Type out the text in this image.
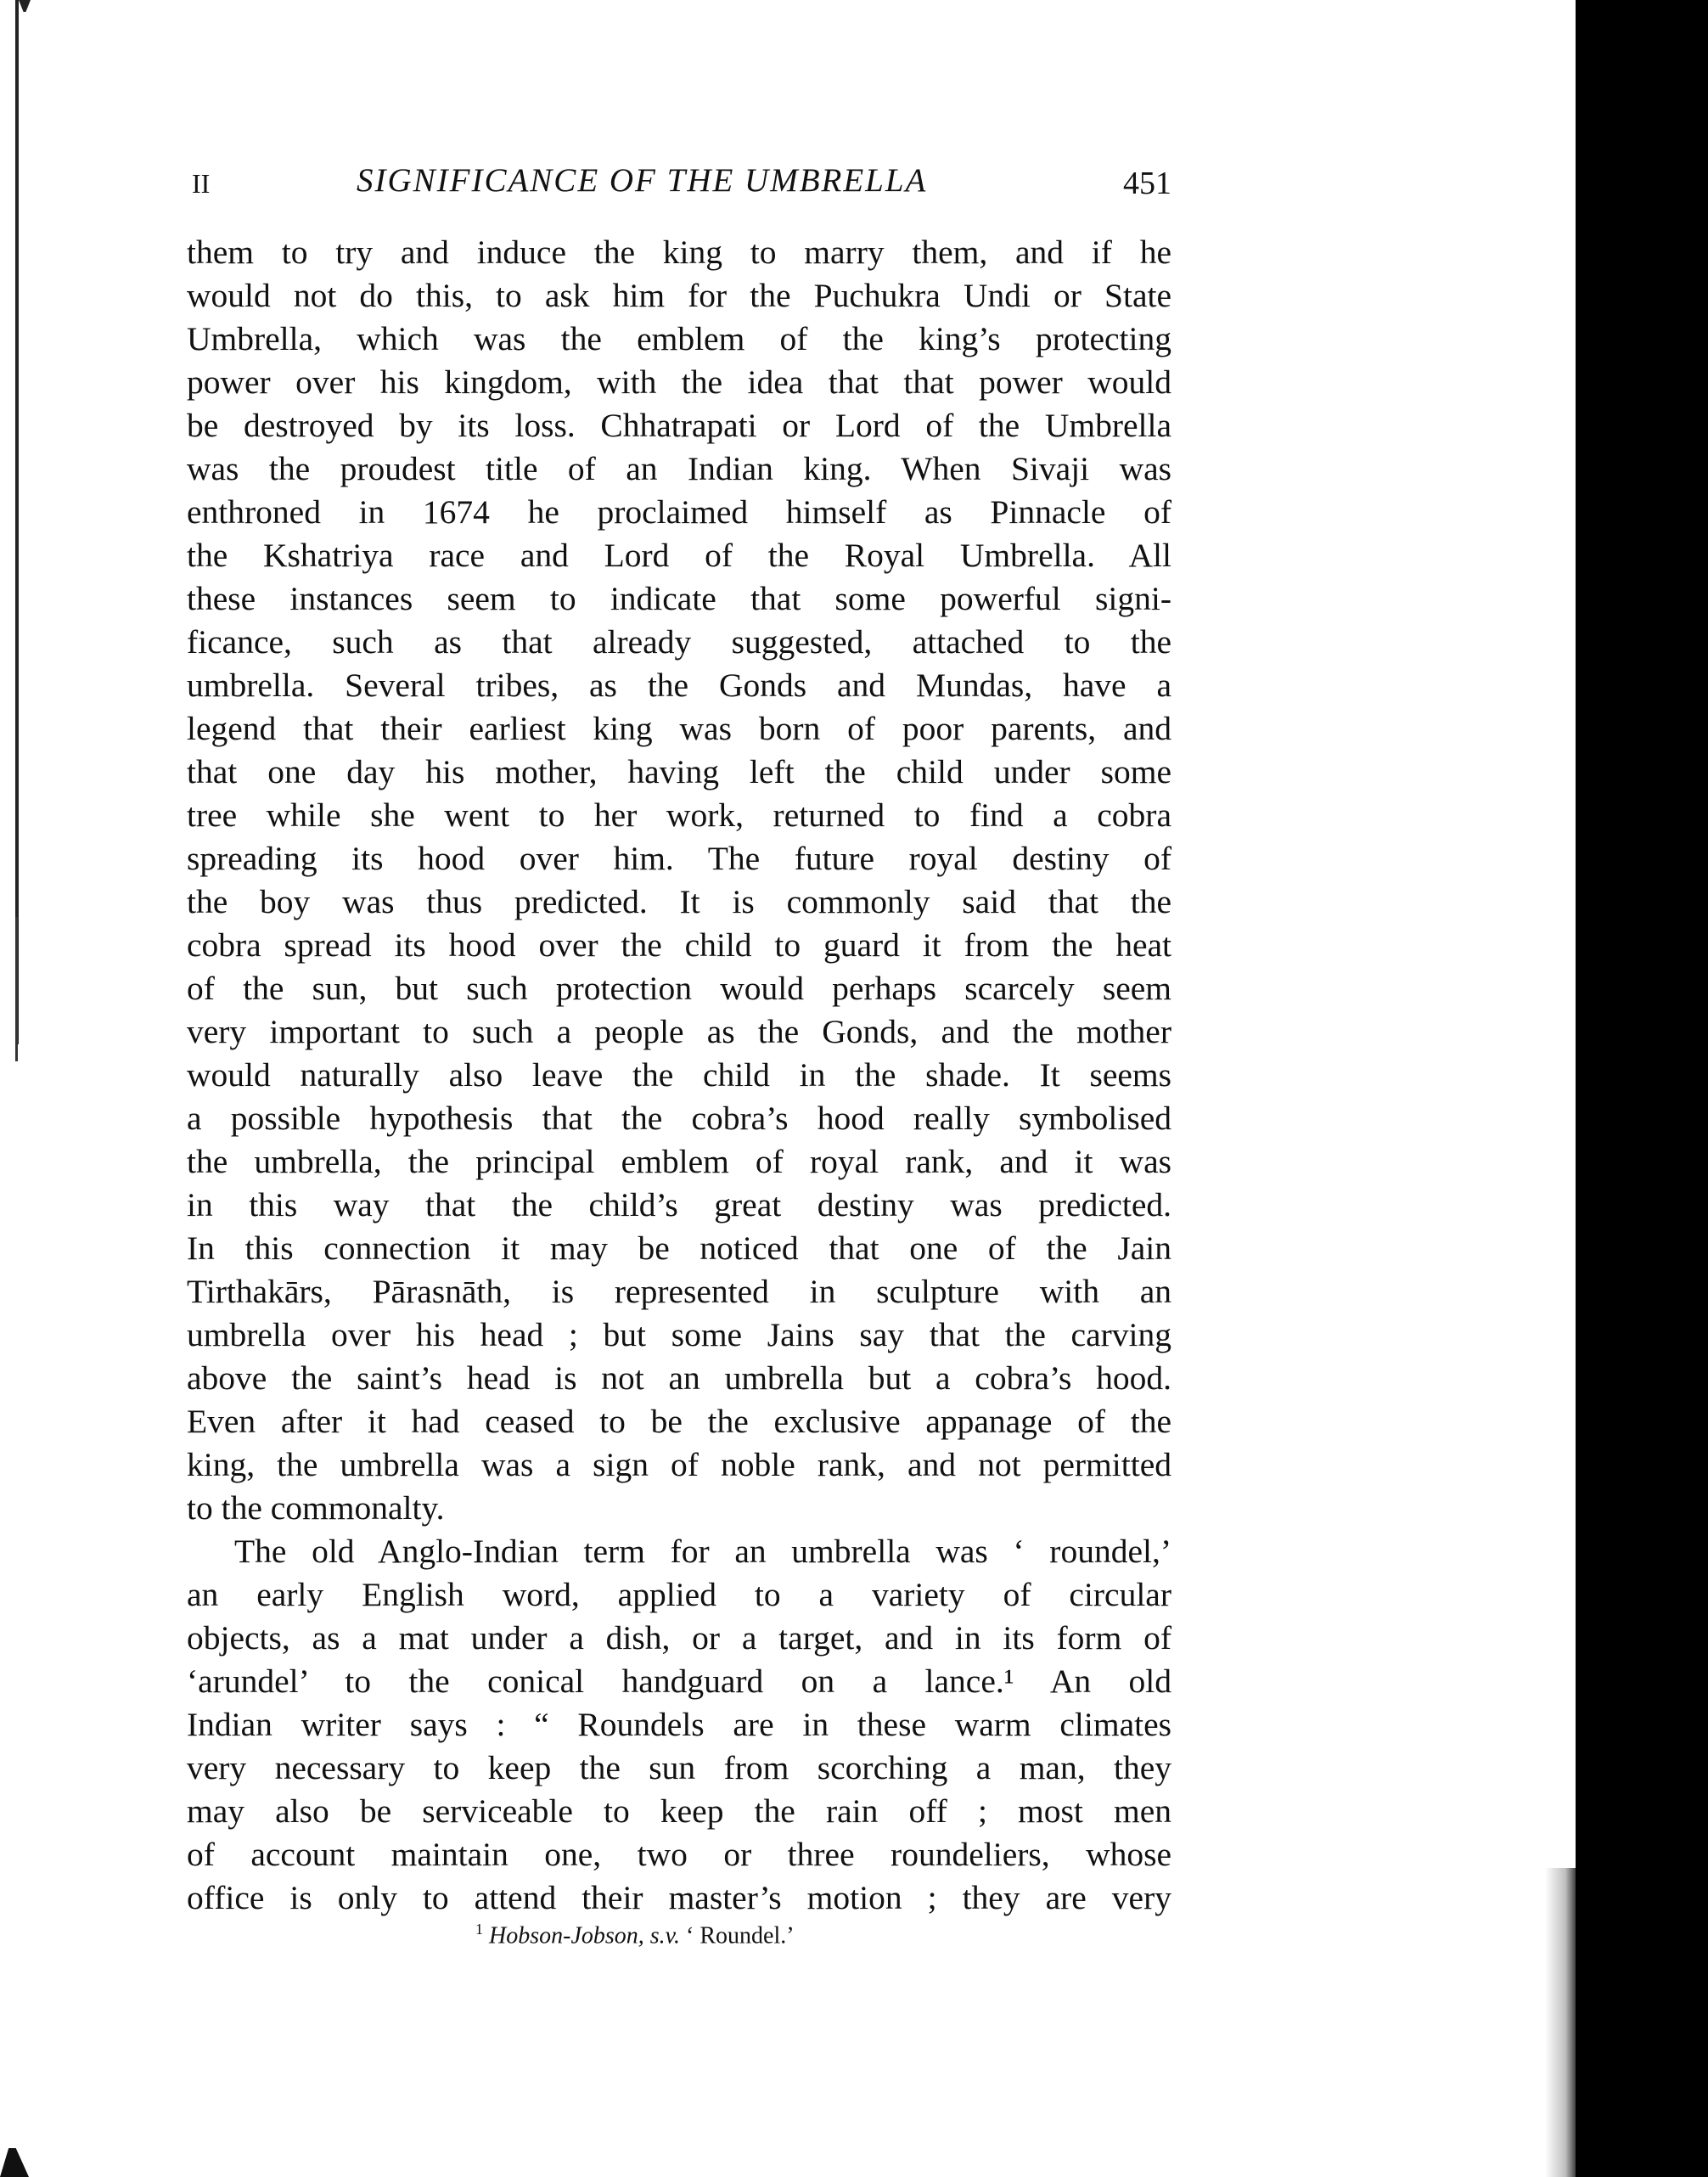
II	SIGNIFICANCE OF THE UMBRELLA	451
them to try and induce the king to marry them, and if he
would not do this, to ask him for the Puchukra Undi or State
Umbrella, which was the emblem of the king’s protecting
power over his kingdom, with the idea that that power would
be destroyed by its loss. Chhatrapati or Lord of the Umbrella
was the proudest title of an Indian king. When Sivaji was
enthroned in 1674 he proclaimed himself as Pinnacle of
the Kshatriya race and Lord of the Royal Umbrella. All
these instances seem to indicate that some powerful signi-
ficance, such as that already suggested, attached to the
umbrella. Several tribes, as the Gonds and Mundas, have a
legend that their earliest king was born of poor parents, and
that one day his mother, having left the child under some
tree while she went to her work, returned to find a cobra
spreading its hood over him. The future royal destiny of
the boy was thus predicted. It is commonly said that the
cobra spread its hood over the child to guard it from the heat
of the sun, but such protection would perhaps scarcely seem
very important to such a people as the Gonds, and the mother
would naturally also leave the child in the shade. It seems
a possible hypothesis that the cobra’s hood really symbolised
the umbrella, the principal emblem of royal rank, and it was
in this way that the child’s great destiny was predicted.
In this connection it may be noticed that one of the Jain
Tirthakārs, Pārasnāth, is represented in sculpture with an
umbrella over his head ; but some Jains say that the carving
above the saint’s head is not an umbrella but a cobra’s hood.
Even after it had ceased to be the exclusive appanage of the
king, the umbrella was a sign of noble rank, and not permitted
to the commonalty.
The old Anglo-Indian term for an umbrella was ‘ roundel,’
an early English word, applied to a variety of circular
objects, as a mat under a dish, or a target, and in its form of
‘arundel’ to the conical handguard on a lance.¹ An old
Indian writer says : “ Roundels are in these warm climates
very necessary to keep the sun from scorching a man, they
may also be serviceable to keep the rain off ; most men
of account maintain one, two or three roundeliers, whose
office is only to attend their master’s motion ; they are very
$^1$ Hobson-Jobson, s.v. ‘ Roundel.’
